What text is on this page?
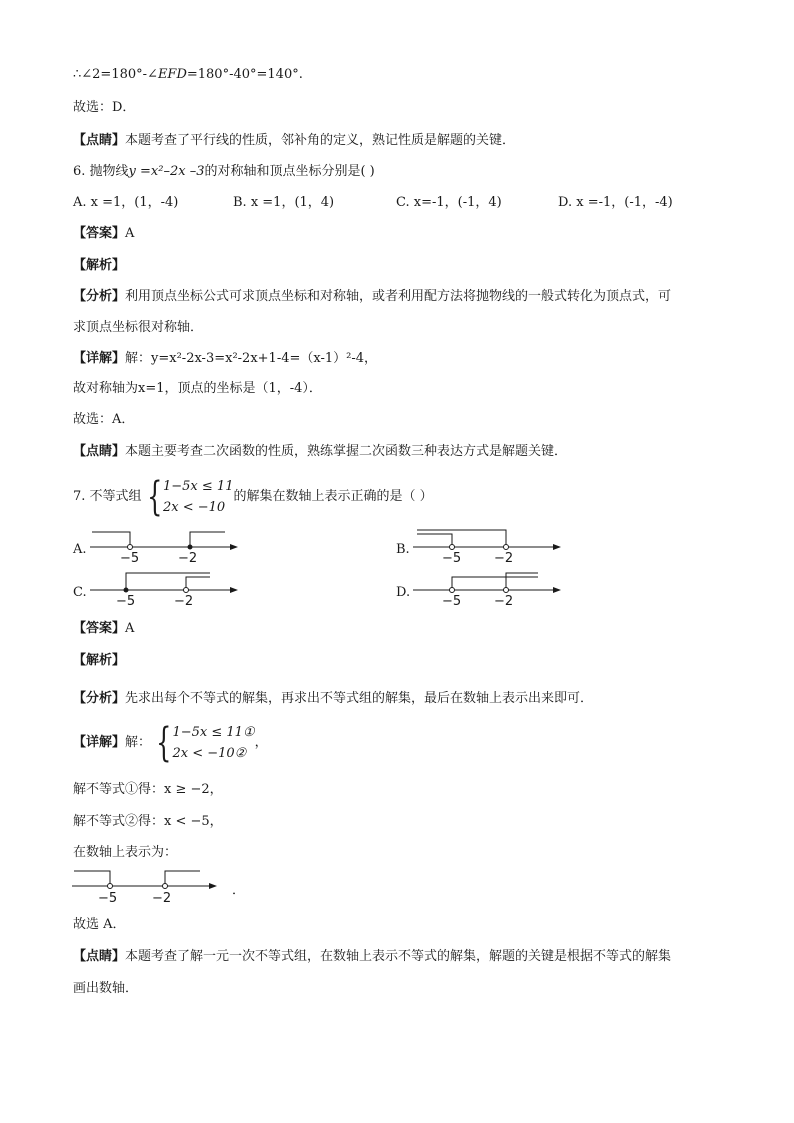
∴∠2=180°-∠EFD=180°-40°=140°.
故选：D．
【点睛】本题考查了平行线的性质，邻补角的定义，熟记性质是解题的关键．
6. 抛物线y =x²–2x –3的对称轴和顶点坐标分别是( )
A. x =1，(1，-4)	B. x =1，(1，4)	C. x=-1，(-1，4)	D. x =-1，(-1，-4)
【答案】A
【解析】
【分析】利用顶点坐标公式可求顶点坐标和对称轴，或者利用配方法将抛物线的一般式转化为顶点式，可
求顶点坐标很对称轴．
【详解】解：y=x²-2x-3=x²-2x+1-4=（x-1）²-4，
故对称轴为x=1，顶点的坐标是（1，-4）．
故选：A．
【点睛】本题主要考查二次函数的性质，熟练掌握二次函数三种表达方式是解题关键．
7. 不等式组 { 1−5x ≤ 11
2x < −10
的解集在数轴上表示正确的是（ ）
A.
−5	−2
B.
−5	−2
C.
−5	−2
D.
−5	−2
【答案】A
【解析】
【分析】先求出每个不等式的解集，再求出不等式组的解集，最后在数轴上表示出来即可．
【详解】解： { 1−5x ≤ 11①
2x < −10②
，
解不等式①得：x ≥ −2，
解不等式②得：x < −5，
在数轴上表示为：
−5	−2
．
故选 A．
【点睛】本题考查了解一元一次不等式组，在数轴上表示不等式的解集，解题的关键是根据不等式的解集
画出数轴．
